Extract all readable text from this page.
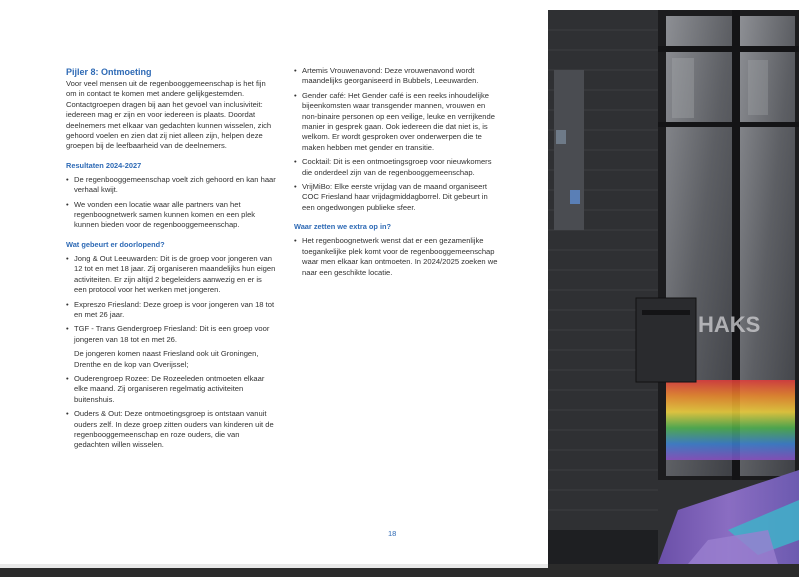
Pijler 8: Ontmoeting

Voor veel mensen uit de regenbooggemeenschap is het fijn om in contact te komen met andere gelijkgestemden. Contactgroepen dragen bij aan het gevoel van inclusiviteit: iedereen mag er zijn en voor iedereen is plaats. Doordat deelnemers met elkaar van gedachten kunnen wisselen, zich gehoord voelen en zien dat zij niet alleen zijn, helpen deze groepen bij de leefbaarheid van de deelnemers.

Resultaten 2024-2027
• De regenbooggemeenschap voelt zich gehoord en kan haar verhaal kwijt.
• We vonden een locatie waar alle partners van het regenboognetwerk samen kunnen komen en een plek kunnen bieden voor de regenbooggemeenschap.
Wat gebeurt er doorlopend?
• Jong & Out Leeuwarden: Dit is de groep voor jongeren van 12 tot en met 18 jaar. Zij organiseren maandelijks hun eigen activiteiten. Er zijn altijd 2 begeleiders aanwezig en er is een protocol voor het werken met jongeren.
• Expreszo Friesland: Deze groep is voor jongeren van 18 tot en met 26 jaar.
• TGF - Trans Gendergroep Friesland: Dit is een groep voor jongeren van 18 tot en met 26.
De jongeren komen naast Friesland ook uit Groningen, Drenthe en de kop van Overijssel;
• Ouderengroep Rozee: De Rozeeleden ontmoeten elkaar elke maand. Zij organiseren regelmatig activiteiten buitenshuis.
• Ouders & Out: Deze ontmoetingsgroep is ontstaan vanuit ouders zelf. In deze groep zitten ouders van kinderen uit de regenbooggemeenschap en roze ouders, die van gedachten willen wisselen.
• Artemis Vrouwenavond: Deze vrouwenavond wordt maandelijks georganiseerd in Bubbels, Leeuwarden.
• Gender café: Het Gender café is een reeks inhoudelijke bijeenkomsten waar transgender mannen, vrouwen en non-binaire personen op een veilige, leuke en verrijkende manier in gesprek gaan. Ook iedereen die dat niet is, is welkom. Er wordt gesproken over onderwerpen die te maken hebben met gender en transitie.
• Cocktail: Dit is een ontmoetingsgroep voor nieuwkomers die onderdeel zijn van de regenbooggemeenschap.
• VrijMiBo: Elke eerste vrijdag van de maand organiseert COC Friesland haar vrijdagmiddagborrel. Dit gebeurt in een ongedwongen publieke sfeer.
Waar zetten we extra op in?
• Het regenboognetwerk wenst dat er een gezamenlijke toegankelijke plek komt voor de regenbooggemeenschap waar men elkaar kan ontmoeten. In 2024/2025 zoeken we naar een geschikte locatie.
18
HAKS
